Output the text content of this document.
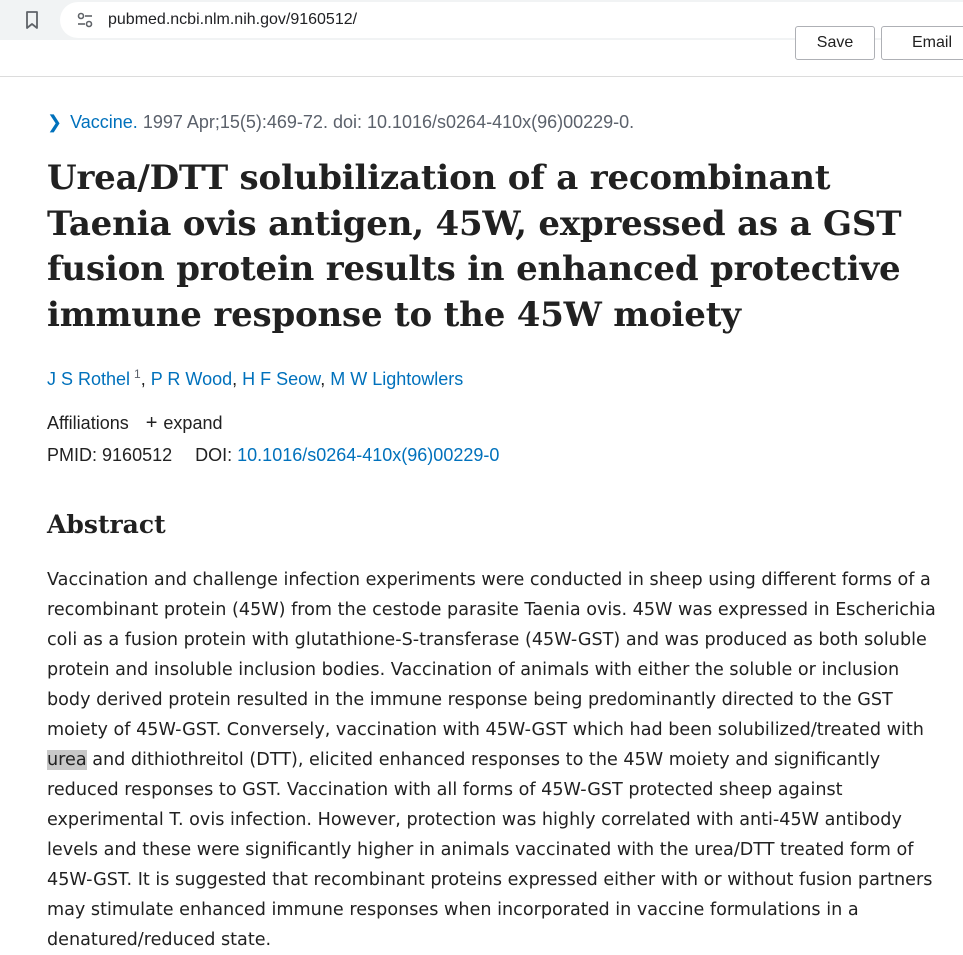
pubmed.ncbi.nlm.nih.gov/9160512/
Save	Email
❯ Vaccine. 1997 Apr;15(5):469-72. doi: 10.1016/s0264-410x(96)00229-0.
Urea/DTT solubilization of a recombinant Taenia ovis antigen, 45W, expressed as a GST fusion protein results in enhanced protective immune response to the 45W moiety
J S Rothel $^1$, P R Wood, H F Seow, M W Lightowlers
Affiliations + expand
PMID: 9160512 DOI: 10.1016/s0264-410x(96)00229-0
Abstract

Vaccination and challenge infection experiments were conducted in sheep using different forms of a recombinant protein (45W) from the cestode parasite Taenia ovis. 45W was expressed in Escherichia coli as a fusion protein with glutathione-S-transferase (45W-GST) and was produced as both soluble protein and insoluble inclusion bodies. Vaccination of animals with either the soluble or inclusion body derived protein resulted in the immune response being predominantly directed to the GST moiety of 45W-GST. Conversely, vaccination with 45W-GST which had been solubilized/treated with urea and dithiothreitol (DTT), elicited enhanced responses to the 45W moiety and significantly reduced responses to GST. Vaccination with all forms of 45W-GST protected sheep against experimental T. ovis infection. However, protection was highly correlated with anti-45W antibody levels and these were significantly higher in animals vaccinated with the urea/DTT treated form of 45W-GST. It is suggested that recombinant proteins expressed either with or without fusion partners may stimulate enhanced immune responses when incorporated in vaccine formulations in a denatured/reduced state.
